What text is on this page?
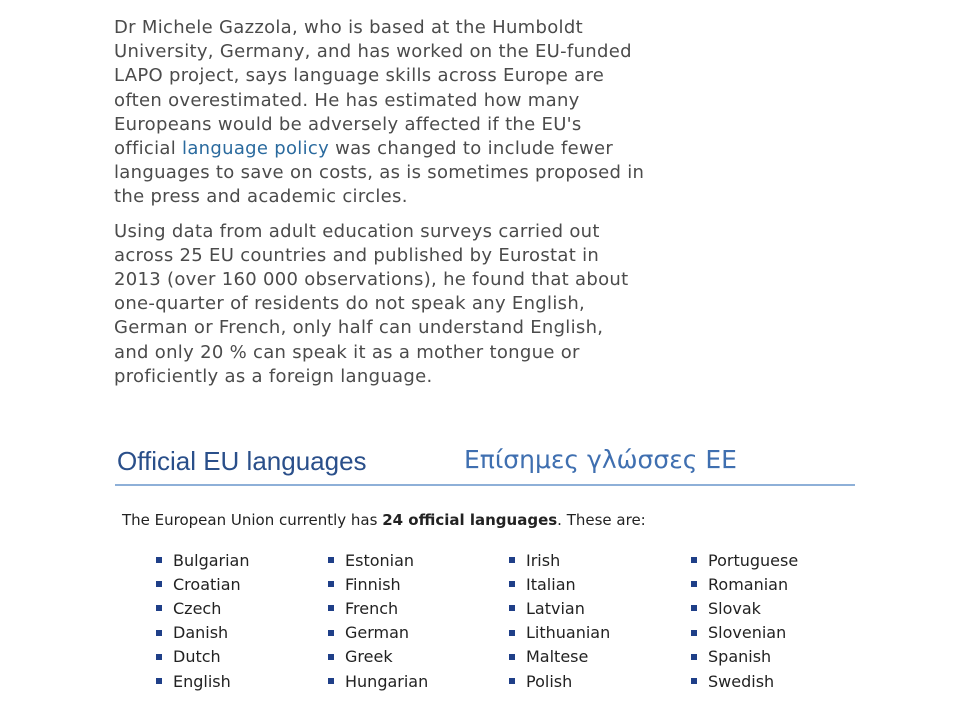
Dr Michele Gazzola, who is based at the Humboldt
University, Germany, and has worked on the EU-funded
LAPO project, says language skills across Europe are
often overestimated. He has estimated how many
Europeans would be adversely affected if the EU's
official language policy was changed to include fewer
languages to save on costs, as is sometimes proposed in
the press and academic circles.

Using data from adult education surveys carried out
across 25 EU countries and published by Eurostat in
2013 (over 160 000 observations), he found that about
one-quarter of residents do not speak any English,
German or French, only half can understand English,
and only 20 % can speak it as a mother tongue or
proficiently as a foreign language.

Official EU languages	Επίσημες γλώσσες ΕΕ
The European Union currently has 24 official languages. These are:
Bulgarian
Croatian
Czech
Danish
Dutch
English
Estonian
Finnish
French
German
Greek
Hungarian
Irish
Italian
Latvian
Lithuanian
Maltese
Polish
Portuguese
Romanian
Slovak
Slovenian
Spanish
Swedish
